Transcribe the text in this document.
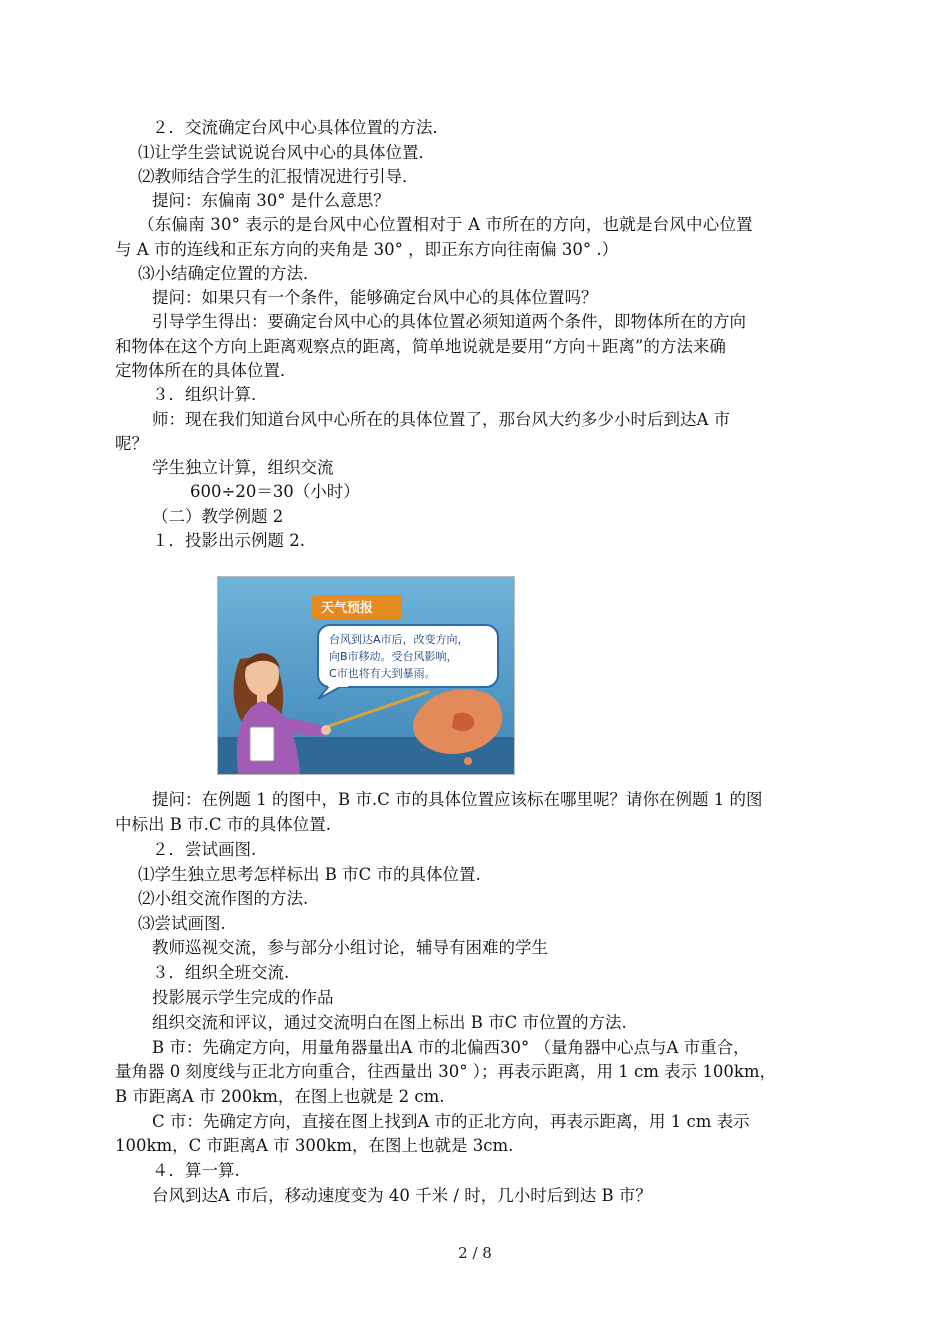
２．交流确定台风中心具体位置的方法．
⑴让学生尝试说说台风中心的具体位置．
⑵教师结合学生的汇报情况进行引导．
提问：东偏南 30° 是什么意思？
（东偏南 30° 表示的是台风中心位置相对于 A 市所在的方向，也就是台风中心位置
与 A 市的连线和正东方向的夹角是 30° ，即正东方向往南偏 30° .）
⑶小结确定位置的方法．
提问：如果只有一个条件，能够确定台风中心的具体位置吗？
引导学生得出：要确定台风中心的具体位置必须知道两个条件，即物体所在的方向
和物体在这个方向上距离观察点的距离，简单地说就是要用“方向＋距离”的方法来确
定物体所在的具体位置．
３．组织计算．
师：现在我们知道台风中心所在的具体位置了，那台风大约多少小时后到达A 市
呢？
学生独立计算，组织交流
600÷20＝30（小时）
（二）教学例题 2
１．投影出示例题 2.
天气预报
台风到达A市后，改变方向，
向B市移动。受台风影响，
C市也将有大到暴雨。
提问：在例题 1 的图中，B 市.C 市的具体位置应该标在哪里呢？请你在例题 1 的图
中标出 B 市.C 市的具体位置.
２．尝试画图.
⑴学生独立思考怎样标出 B 市C 市的具体位置.
⑵小组交流作图的方法.
⑶尝试画图.
教师巡视交流，参与部分小组讨论，辅导有困难的学生
３．组织全班交流.
投影展示学生完成的作品
组织交流和评议，通过交流明白在图上标出 B 市C 市位置的方法.
B 市：先确定方向，用量角器量出A 市的北偏西30° （量角器中心点与A 市重合，
量角器 0 刻度线与正北方向重合，往西量出 30° ）；再表示距离，用 1 cm 表示 100km，
B 市距离A 市 200km，在图上也就是 2 cm.
C 市：先确定方向，直接在图上找到A 市的正北方向，再表示距离，用 1 cm 表示
100km，C 市距离A 市 300km，在图上也就是 3cm.
４．算一算.
台风到达A 市后，移动速度变为 40 千米 / 时，几小时后到达 B 市？
2 / 8
